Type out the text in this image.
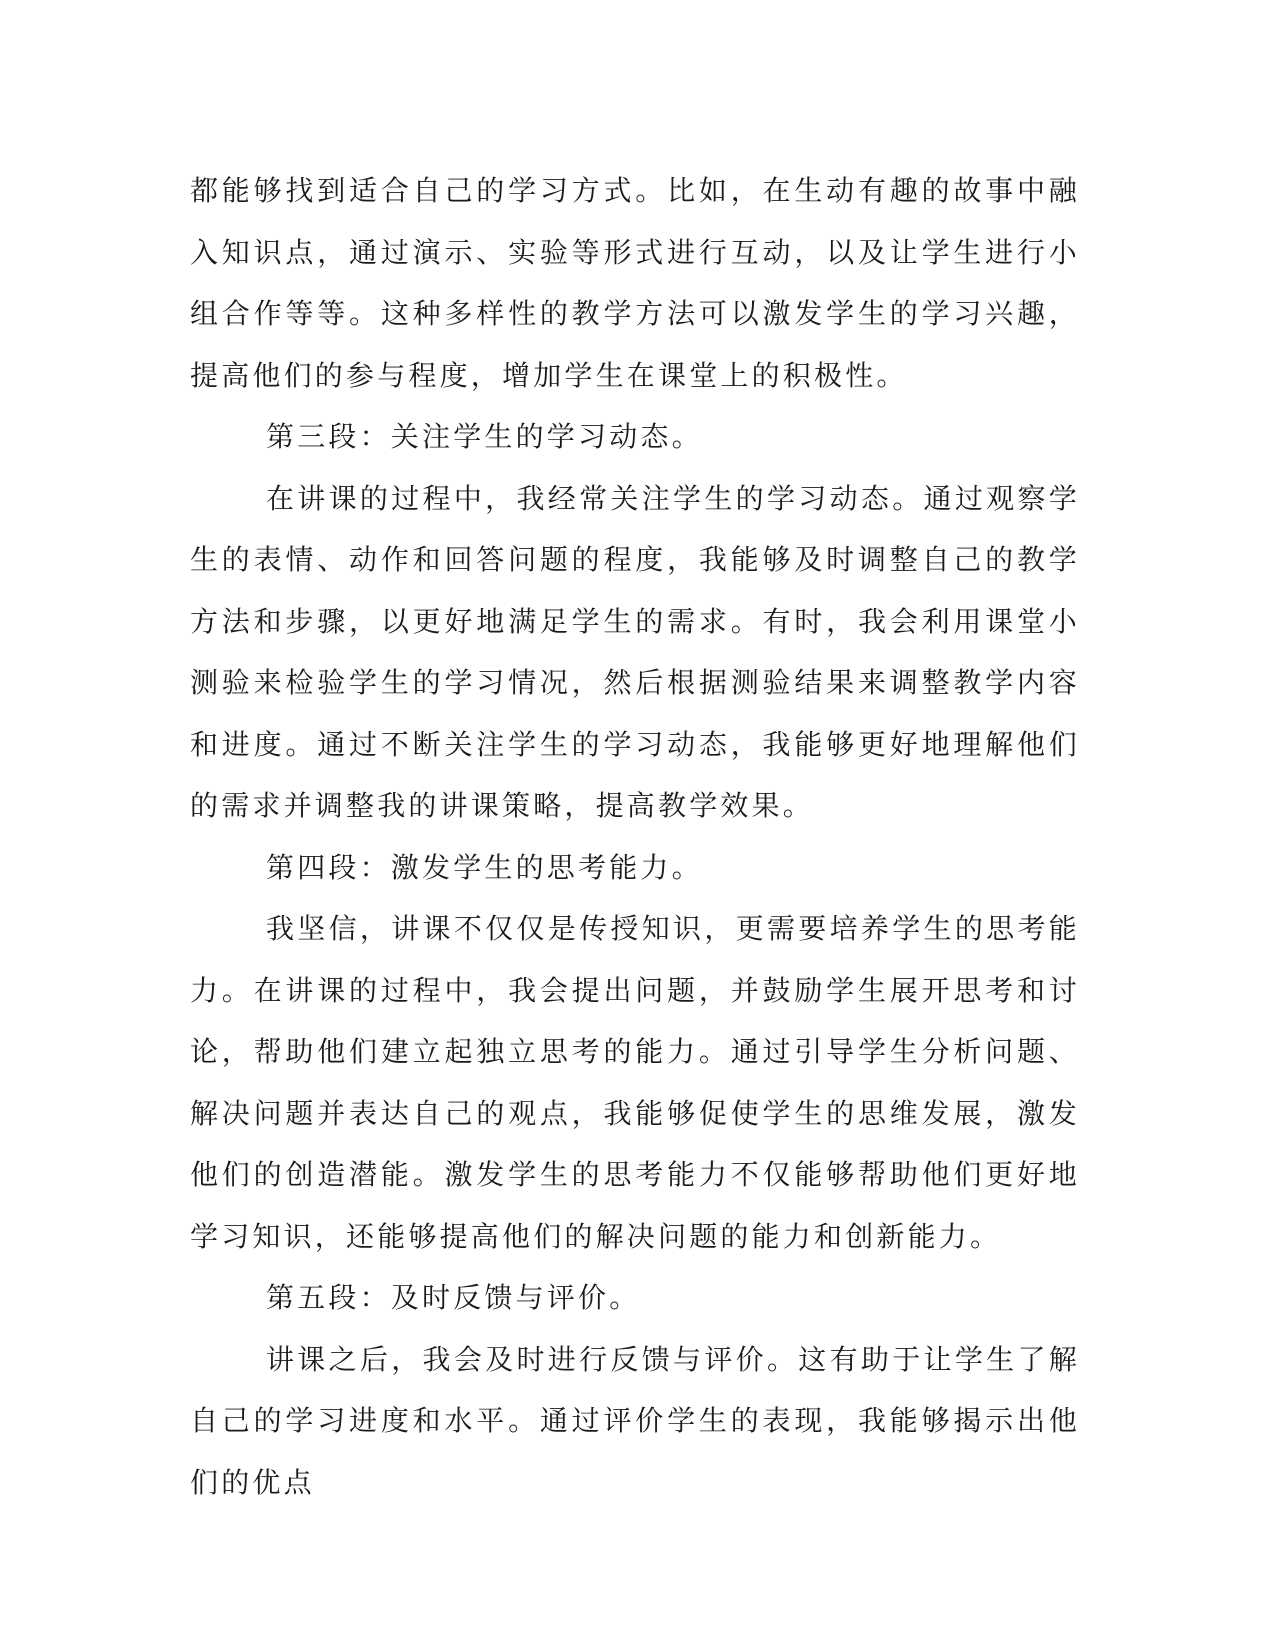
都能够找到适合自己的学习方式。比如，在生动有趣的故事中融入知识点，通过演示、实验等形式进行互动，以及让学生进行小组合作等等。这种多样性的教学方法可以激发学生的学习兴趣，提高他们的参与程度，增加学生在课堂上的积极性。

第三段：关注学生的学习动态。

在讲课的过程中，我经常关注学生的学习动态。通过观察学生的表情、动作和回答问题的程度，我能够及时调整自己的教学方法和步骤，以更好地满足学生的需求。有时，我会利用课堂小测验来检验学生的学习情况，然后根据测验结果来调整教学内容和进度。通过不断关注学生的学习动态，我能够更好地理解他们的需求并调整我的讲课策略，提高教学效果。

第四段：激发学生的思考能力。

我坚信，讲课不仅仅是传授知识，更需要培养学生的思考能力。在讲课的过程中，我会提出问题，并鼓励学生展开思考和讨论，帮助他们建立起独立思考的能力。通过引导学生分析问题、解决问题并表达自己的观点，我能够促使学生的思维发展，激发他们的创造潜能。激发学生的思考能力不仅能够帮助他们更好地学习知识，还能够提高他们的解决问题的能力和创新能力。

第五段：及时反馈与评价。

讲课之后，我会及时进行反馈与评价。这有助于让学生了解自己的学习进度和水平。通过评价学生的表现，我能够揭示出他们的优点
